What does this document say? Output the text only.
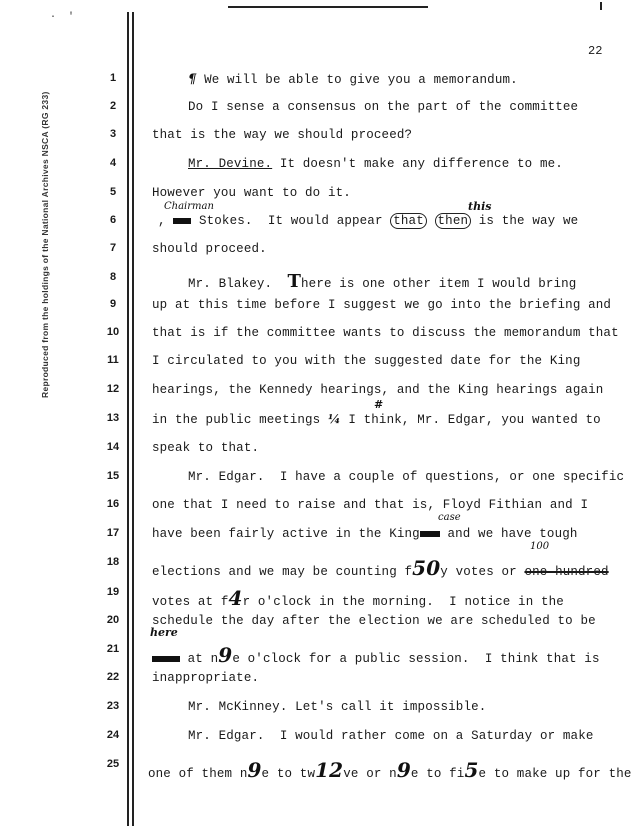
·  '
Reproduced from the holdings of the National Archives NSCA (RG 233)
22
1
2
3
4
5
6
7
8
9
10
11
12
13
14
15
16
17
18
19
20
21
22
23
24
25
¶ We will be able to give you a memorandum.
Do I sense a consensus on the part of the committee
that is the way we should proceed?
Mr. Devine. It doesn't make any difference to me.
However you want to do it.
Chairman	this
,  Stokes.  It would appear that then is the way we
should proceed.
Mr. Blakey.  There is one other item I would bring
up at this time before I suggest we go into the briefing and
that is if the committee wants to discuss the memorandum that
I circulated to you with the suggested date for the King
hearings, the Kennedy hearings, and the King hearings again
#
in the public meetings ¼ I think, Mr. Edgar, you wanted to
speak to that.
Mr. Edgar.  I have a couple of questions, or one specific
one that I need to raise and that is, Floyd Fithian and I
case
have been fairly active in the King and we have tough
100
elections and we may be counting f50y votes or one hundred
votes at f4r o'clock in the morning.  I notice in the
schedule the day after the election we are scheduled to be
here
at n9e o'clock for a public session.  I think that is
inappropriate.
Mr. McKinney. Let's call it impossible.
Mr. Edgar.  I would rather come on a Saturday or make
one of them n9e to tw12ve or n9e to fi5e to make up for the
